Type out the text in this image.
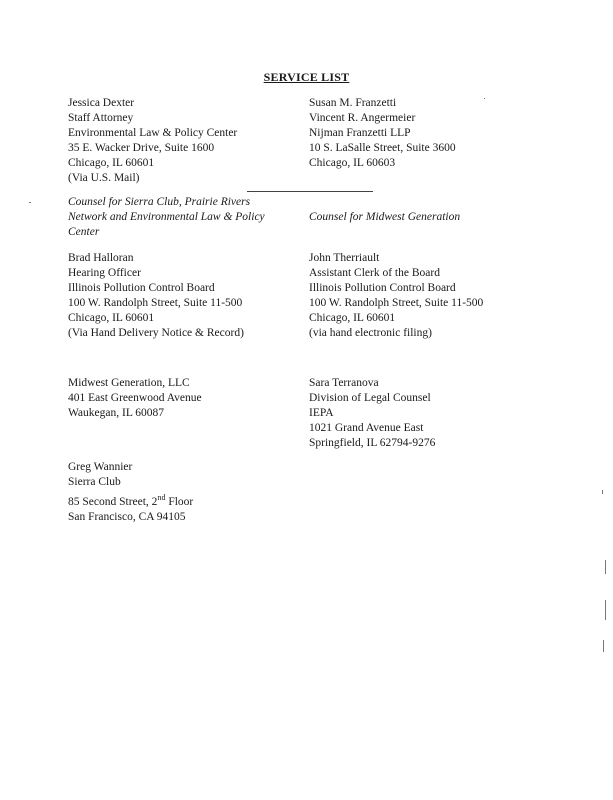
SERVICE LIST
Jessica Dexter
Staff Attorney
Environmental Law & Policy Center
35 E. Wacker Drive, Suite 1600
Chicago, IL 60601
(Via U.S. Mail)
Counsel for Sierra Club, Prairie Rivers
Network and Environmental Law & Policy
Center
Susan M. Franzetti
Vincent R. Angermeier
Nijman Franzetti LLP
10 S. LaSalle Street, Suite 3600
Chicago, IL 60603
Counsel for Midwest Generation
Brad Halloran
Hearing Officer
Illinois Pollution Control Board
100 W. Randolph Street, Suite 11-500
Chicago, IL 60601
(Via Hand Delivery Notice & Record)
John Therriault
Assistant Clerk of the Board
Illinois Pollution Control Board
100 W. Randolph Street, Suite 11-500
Chicago, IL 60601
(via hand electronic filing)
Midwest Generation, LLC
401 East Greenwood Avenue
Waukegan, IL 60087
Sara Terranova
Division of Legal Counsel
IEPA
1021 Grand Avenue East
Springfield, IL 62794-9276
Greg Wannier
Sierra Club
85 Second Street, 2nd Floor
San Francisco, CA 94105
